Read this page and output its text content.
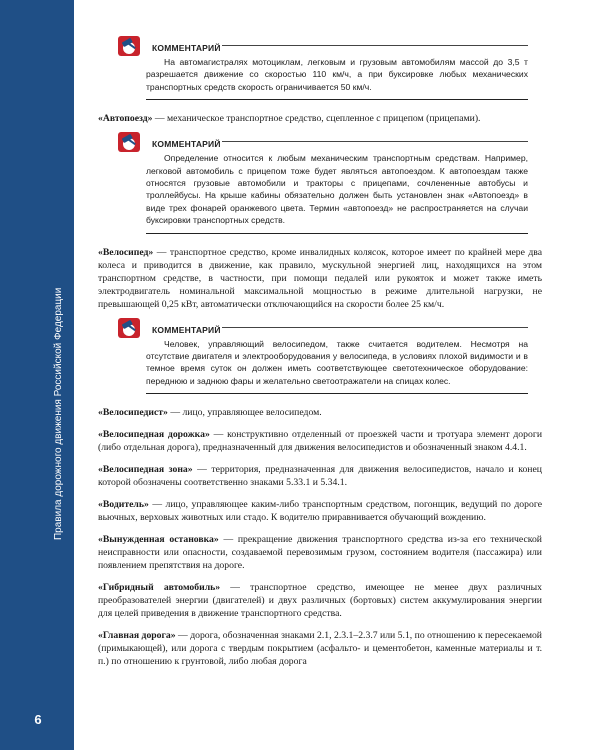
Правила дорожного движения Российской Федерации
6
КОММЕНТАРИЙ

На автомагистралях мотоциклам, легковым и грузовым автомобилям массой до 3,5 т разрешается движение со скоростью 110 км/ч, а при буксировке любых механических транспортных средств скорость ограничивается 50 км/ч.

«Автопоезд» — механическое транспортное средство, сцепленное с прицепом (прицепами).

КОММЕНТАРИЙ

Определение относится к любым механическим транспортным средствам. Например, легковой автомобиль с прицепом тоже будет являться автопоездом. К автопоездам также относятся грузовые автомобили и тракторы с прицепами, сочлененные автобусы и троллейбусы. На крыше кабины обязательно должен быть установлен знак «Автопоезд» в виде трех фонарей оранжевого цвета. Термин «автопоезд» не распространяется на случаи буксировки транспортных средств.

«Велосипед» — транспортное средство, кроме инвалидных колясок, которое имеет по крайней мере два колеса и приводится в движение, как правило, мускульной энергией лиц, находящихся на этом транспортном средстве, в частности, при помощи педалей или рукояток и может также иметь электродвигатель номинальной максимальной мощностью в режиме длительной нагрузки, не превышающей 0,25 кВт, автоматически отключающийся на скорости более 25 км/ч.

КОММЕНТАРИЙ

Человек, управляющий велосипедом, также считается водителем. Несмотря на отсутствие двигателя и электрооборудования у велосипеда, в условиях плохой видимости и в темное время суток он должен иметь соответствующее светотехническое оборудование: переднюю и заднюю фары и желательно светоотражатели на спицах колес.

«Велосипедист» — лицо, управляющее велосипедом.

«Велосипедная дорожка» — конструктивно отделенный от проезжей части и тротуара элемент дороги (либо отдельная дорога), предназначенный для движения велосипедистов и обозначенный знаком 4.4.1.

«Велосипедная зона» — территория, предназначенная для движения велосипедистов, начало и конец которой обозначены соответственно знаками 5.33.1 и 5.34.1.

«Водитель» — лицо, управляющее каким-либо транспортным средством, погонщик, ведущий по дороге вьючных, верховых животных или стадо. К водителю приравнивается обучающий вождению.

«Вынужденная остановка» — прекращение движения транспортного средства из-за его технической неисправности или опасности, создаваемой перевозимым грузом, состоянием водителя (пассажира) или появлением препятствия на дороге.

«Гибридный автомобиль» — транспортное средство, имеющее не менее двух различных преобразователей энергии (двигателей) и двух различных (бортовых) систем аккумулирования энергии для целей приведения в движение транспортного средства.

«Главная дорога» — дорога, обозначенная знаками 2.1, 2.3.1–2.3.7 или 5.1, по отношению к пересекаемой (примыкающей), или дорога с твердым покрытием (асфальто- и цементобетон, каменные материалы и т. п.) по отношению к грунтовой, либо любая дорога
